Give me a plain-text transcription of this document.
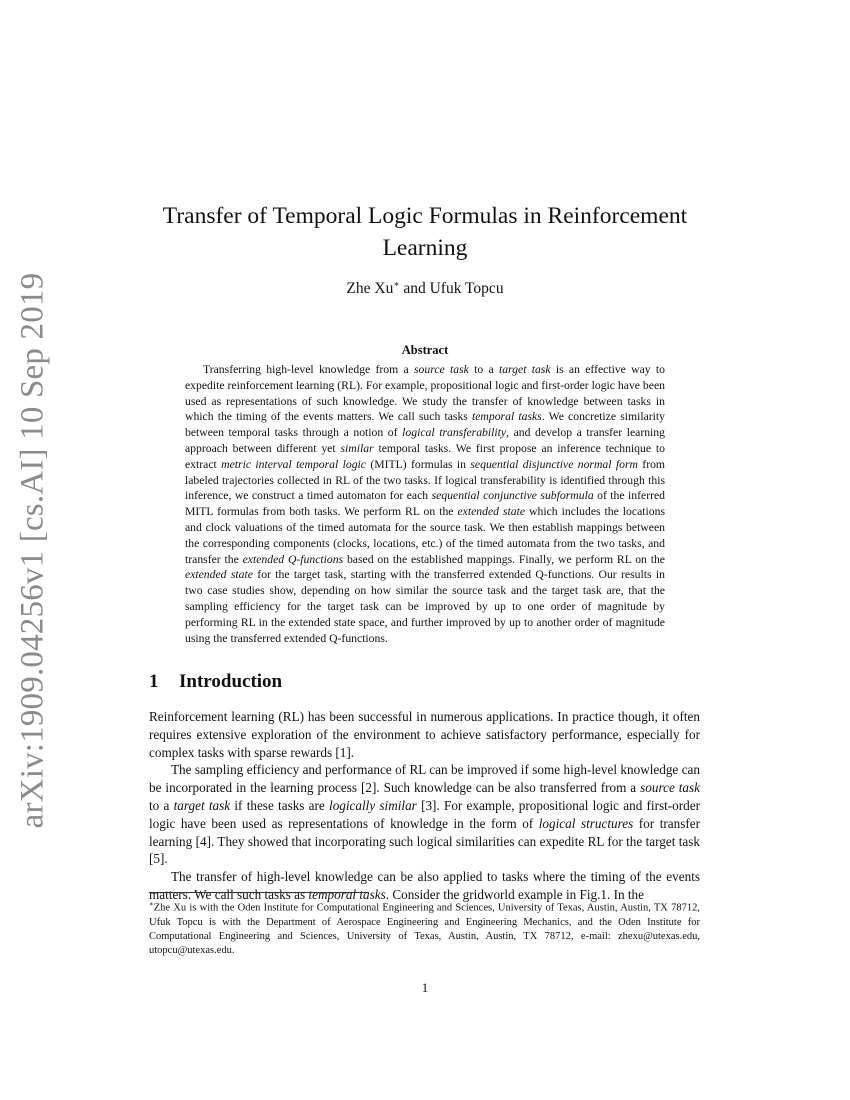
arXiv:1909.04256v1 [cs.AI] 10 Sep 2019
Transfer of Temporal Logic Formulas in Reinforcement Learning
Zhe Xu∗ and Ufuk Topcu
Abstract

Transferring high-level knowledge from a source task to a target task is an effective way to expedite reinforcement learning (RL). For example, propositional logic and first-order logic have been used as representations of such knowledge. We study the transfer of knowledge between tasks in which the timing of the events matters. We call such tasks temporal tasks. We concretize similarity between temporal tasks through a notion of logical transferability, and develop a transfer learning approach between different yet similar temporal tasks. We first propose an inference technique to extract metric interval temporal logic (MITL) formulas in sequential disjunctive normal form from labeled trajectories collected in RL of the two tasks. If logical transferability is identified through this inference, we construct a timed automaton for each sequential conjunctive subformula of the inferred MITL formulas from both tasks. We perform RL on the extended state which includes the locations and clock valuations of the timed automata for the source task. We then establish mappings between the corresponding components (clocks, locations, etc.) of the timed automata from the two tasks, and transfer the extended Q-functions based on the established mappings. Finally, we perform RL on the extended state for the target task, starting with the transferred extended Q-functions. Our results in two case studies show, depending on how similar the source task and the target task are, that the sampling efficiency for the target task can be improved by up to one order of magnitude by performing RL in the extended state space, and further improved by up to another order of magnitude using the transferred extended Q-functions.

1 Introduction

Reinforcement learning (RL) has been successful in numerous applications. In practice though, it often requires extensive exploration of the environment to achieve satisfactory performance, especially for complex tasks with sparse rewards [1].

The sampling efficiency and performance of RL can be improved if some high-level knowledge can be incorporated in the learning process [2]. Such knowledge can be also transferred from a source task to a target task if these tasks are logically similar [3]. For example, propositional logic and first-order logic have been used as representations of knowledge in the form of logical structures for transfer learning [4]. They showed that incorporating such logical similarities can expedite RL for the target task [5].

The transfer of high-level knowledge can be also applied to tasks where the timing of the events matters. We call such tasks as temporal tasks. Consider the gridworld example in Fig.1. In the

∗Zhe Xu is with the Oden Institute for Computational Engineering and Sciences, University of Texas, Austin, Austin, TX 78712, Ufuk Topcu is with the Department of Aerospace Engineering and Engineering Mechanics, and the Oden Institute for Computational Engineering and Sciences, University of Texas, Austin, Austin, TX 78712, e-mail: zhexu@utexas.edu, utopcu@utexas.edu.

1
